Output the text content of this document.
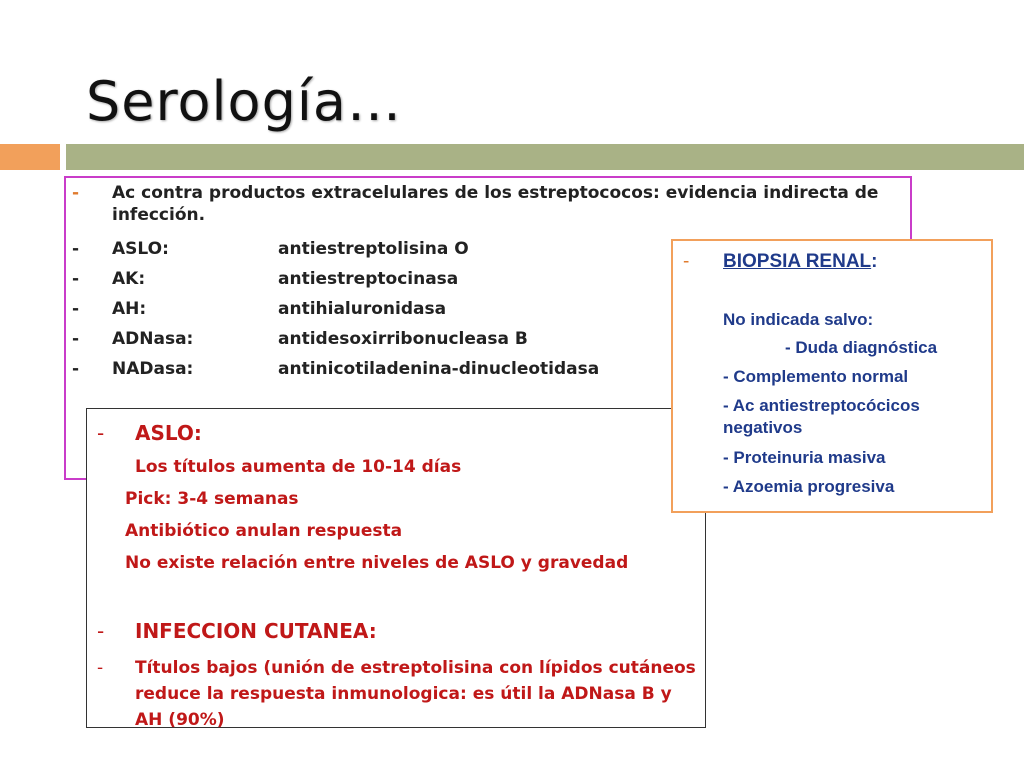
Serología…
-	Ac contra productos extracelulares de los estreptococos: evidencia indirecta de infección.
-	ASLO:	antiestreptolisina O
-	AK:	antiestreptocinasa
-	AH:	antihialuronidasa
-	ADNasa:	antidesoxirribonucleasa B
-	NADasa:	antinicotiladenina-dinucleotidasa
-	ASLO:
Los títulos aumenta de 10-14 días
Pick: 3-4 semanas
Antibiótico anulan respuesta
No existe relación entre niveles de ASLO y gravedad
-	INFECCION CUTANEA:
-	Títulos bajos (unión de estreptolisina con lípidos cutáneos reduce la respuesta inmunologica: es útil la ADNasa B y AH (90%)
-	BIOPSIA RENAL :
No indicada salvo:
- Duda diagnóstica
- Complemento normal
- Ac antiestreptocócicos negativos
- Proteinuria masiva
- Azoemia progresiva
